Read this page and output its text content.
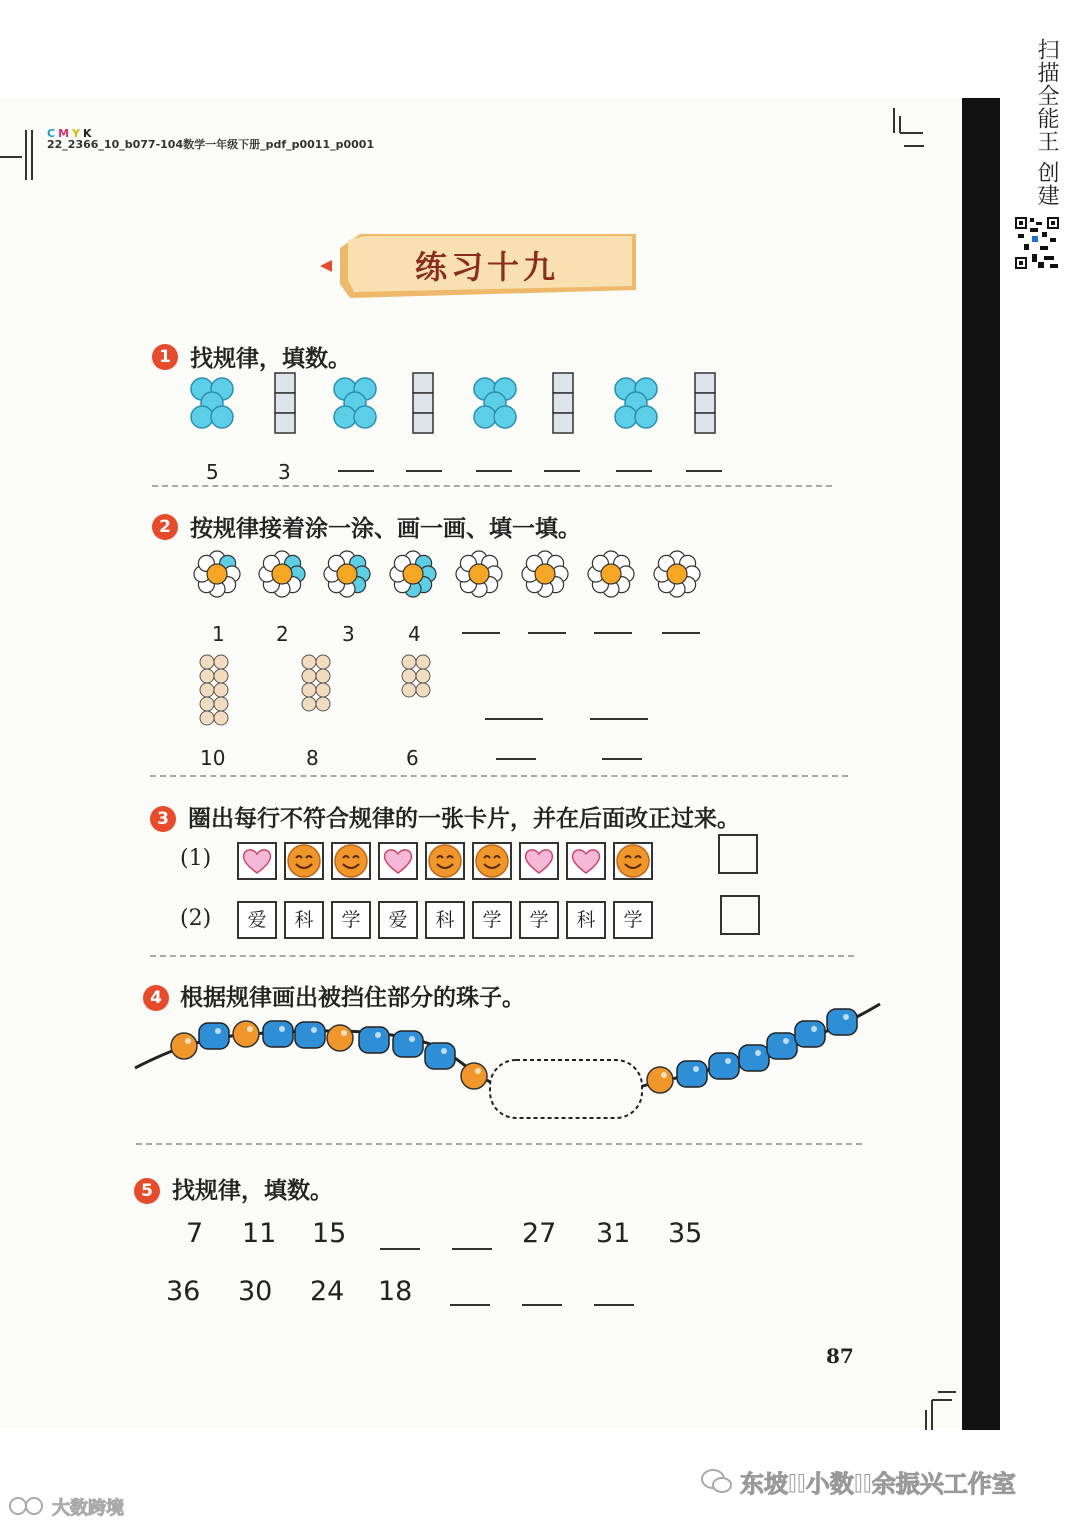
扫描全能王 创建
C M Y K
22_2366_10_b077-104数学一年级下册_pdf_p0011_p0001
练习十九
1 找规律，填数。
5	3
2 按规律接着涂一涂、画一画、填一填。
1	2	3	4
10	8	6
3 圈出每行不符合规律的一张卡片，并在后面改正过来。
(1)
(2)	爱	科	学	爱	科	学	学	科	学
4 根据规律画出被挡住部分的珠子。
5 找规律，填数。
7 11 15	27 31 35
36 30 24 18
87
东坡II小数II余振兴工作室
大数跨境
